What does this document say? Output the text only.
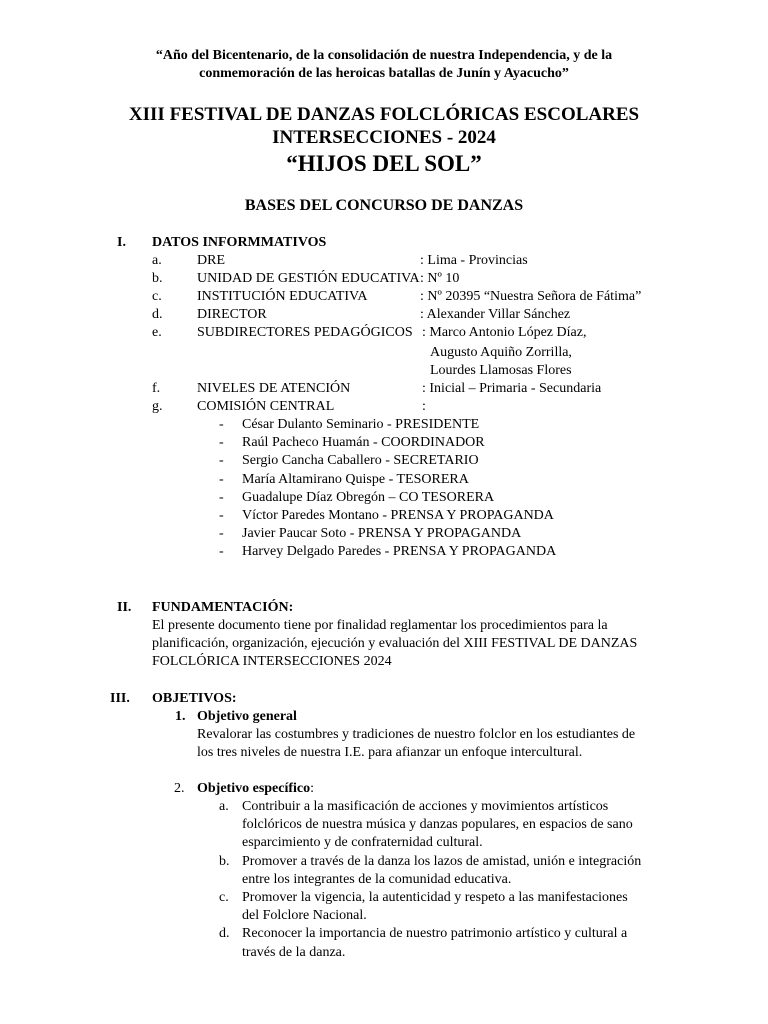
“Año del Bicentenario, de la consolidación de nuestra Independencia, y de la
conmemoración de las heroicas batallas de Junín y Ayacucho”
XIII FESTIVAL DE DANZAS FOLCLÓRICAS ESCOLARES
INTERSECCIONES - 2024
“HIJOS DEL SOL”
BASES DEL CONCURSO DE DANZAS
I. DATOS INFORMMATIVOS
a.	DRE	: Lima - Provincias
b. UNIDAD DE GESTIÓN EDUCATIVA : Nº 10
c.	INSTITUCIÓN EDUCATIVA	: Nº 20395 “Nuestra Señora de Fátima”
d. DIRECTOR	: Alexander Villar Sánchez
e.	SUBDIRECTORES PEDAGÓGICOS : Marco Antonio López Díaz,
Augusto Aquiño Zorrilla,
Lourdes Llamosas Flores
f.	NIVELES DE ATENCIÓN	: Inicial – Primaria - Secundaria
g. COMISIÓN CENTRAL	:
- César Dulanto Seminario - PRESIDENTE
- Raúl Pacheco Huamán - COORDINADOR
- Sergio Cancha Caballero - SECRETARIO
- María Altamirano Quispe - TESORERA
- Guadalupe Díaz Obregón – CO TESORERA
- Víctor Paredes Montano - PRENSA Y PROPAGANDA
- Javier Paucar Soto - PRENSA Y PROPAGANDA
- Harvey Delgado Paredes - PRENSA Y PROPAGANDA
II. FUNDAMENTACIÓN:
El presente documento tiene por finalidad reglamentar los procedimientos para la
planificación, organización, ejecución y evaluación del XIII FESTIVAL DE DANZAS
FOLCLÓRICA INTERSECCIONES 2024
III. OBJETIVOS:
1. Objetivo general
Revalorar las costumbres y tradiciones de nuestro folclor en los estudiantes de
los tres niveles de nuestra I.E. para afianzar un enfoque intercultural.
2. Objetivo específico:
a. Contribuir a la masificación de acciones y movimientos artísticos
folclóricos de nuestra música y danzas populares, en espacios de sano
esparcimiento y de confraternidad cultural.
b. Promover a través de la danza los lazos de amistad, unión e integración
entre los integrantes de la comunidad educativa.
c. Promover la vigencia, la autenticidad y respeto a las manifestaciones
del Folclore Nacional.
d. Reconocer la importancia de nuestro patrimonio artístico y cultural a
través de la danza.
